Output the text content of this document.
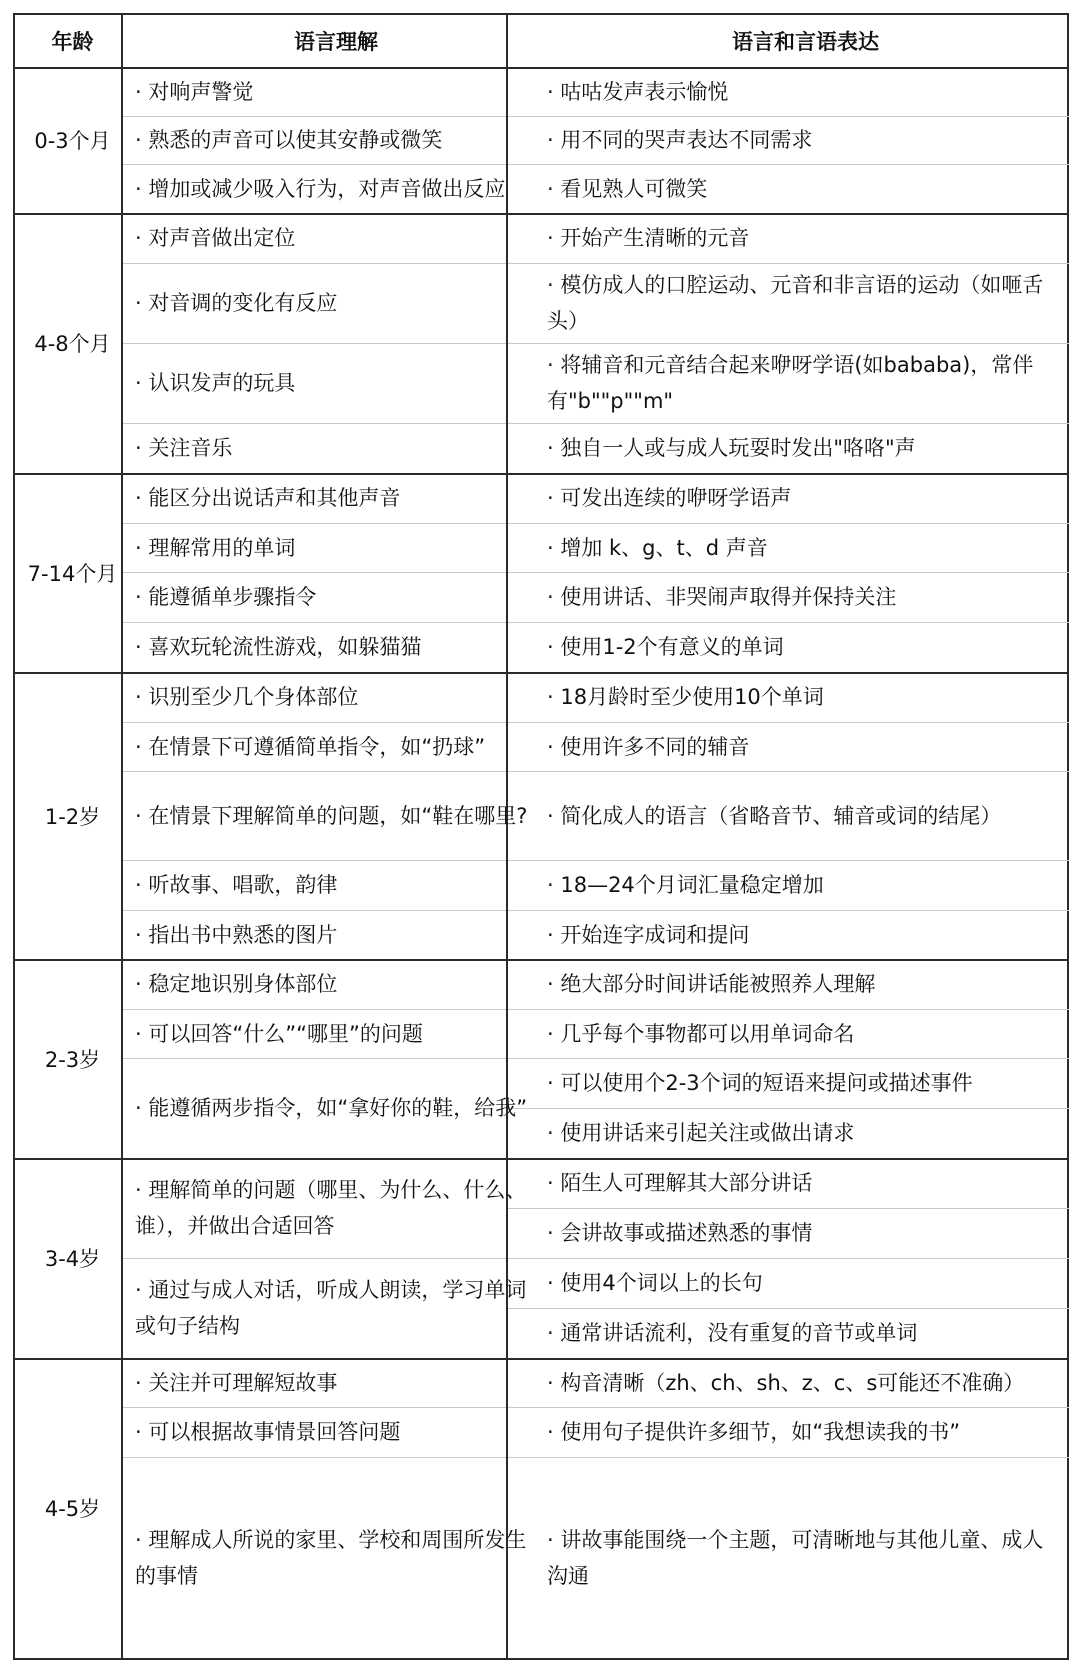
年龄	语言理解	语言和言语表达
0-3个月
· 对响声警觉
· 熟悉的声音可以使其安静或微笑
· 增加或减少吸入行为，对声音做出反应
· 咕咕发声表示愉悦
· 用不同的哭声表达不同需求
· 看见熟人可微笑
4-8个月
· 对声音做出定位
· 对音调的变化有反应
· 认识发声的玩具
· 关注音乐
· 开始产生清晰的元音
· 模仿成人的口腔运动、元音和非言语的运动（如咂舌头）
· 将辅音和元音结合起来咿呀学语(如bababa)，常伴有"b""p""m"
· 独自一人或与成人玩耍时发出"咯咯"声
7-14个月
· 能区分出说话声和其他声音
· 理解常用的单词
· 能遵循单步骤指令
· 喜欢玩轮流性游戏，如躲猫猫
· 可发出连续的咿呀学语声
· 增加 k、g、t、d 声音
· 使用讲话、非哭闹声取得并保持关注
· 使用1-2个有意义的单词
1-2岁
· 识别至少几个身体部位
· 在情景下可遵循简单指令，如“扔球”
· 在情景下理解简单的问题，如“鞋在哪里?
· 听故事、唱歌，韵律
· 指出书中熟悉的图片
· 18月龄时至少使用10个单词
· 使用许多不同的辅音
· 简化成人的语言（省略音节、辅音或词的结尾）
· 18—24个月词汇量稳定增加
· 开始连字成词和提问
2-3岁
· 稳定地识别身体部位
· 可以回答“什么”“哪里”的问题
· 能遵循两步指令，如“拿好你的鞋，给我”
· 绝大部分时间讲话能被照养人理解
· 几乎每个事物都可以用单词命名
· 可以使用个2-3个词的短语来提问或描述事件
· 使用讲话来引起关注或做出请求
3-4岁
· 理解简单的问题（哪里、为什么、什么、谁），并做出合适回答
· 通过与成人对话，听成人朗读，学习单词或句子结构
· 陌生人可理解其大部分讲话
· 会讲故事或描述熟悉的事情
· 使用4个词以上的长句
· 通常讲话流利，没有重复的音节或单词
4-5岁
· 关注并可理解短故事
· 可以根据故事情景回答问题
· 理解成人所说的家里、学校和周围所发生的事情
· 构音清晰（zh、ch、sh、z、c、s可能还不准确）
· 使用句子提供许多细节，如“我想读我的书”
· 讲故事能围绕一个主题，可清晰地与其他儿童、成人沟通
